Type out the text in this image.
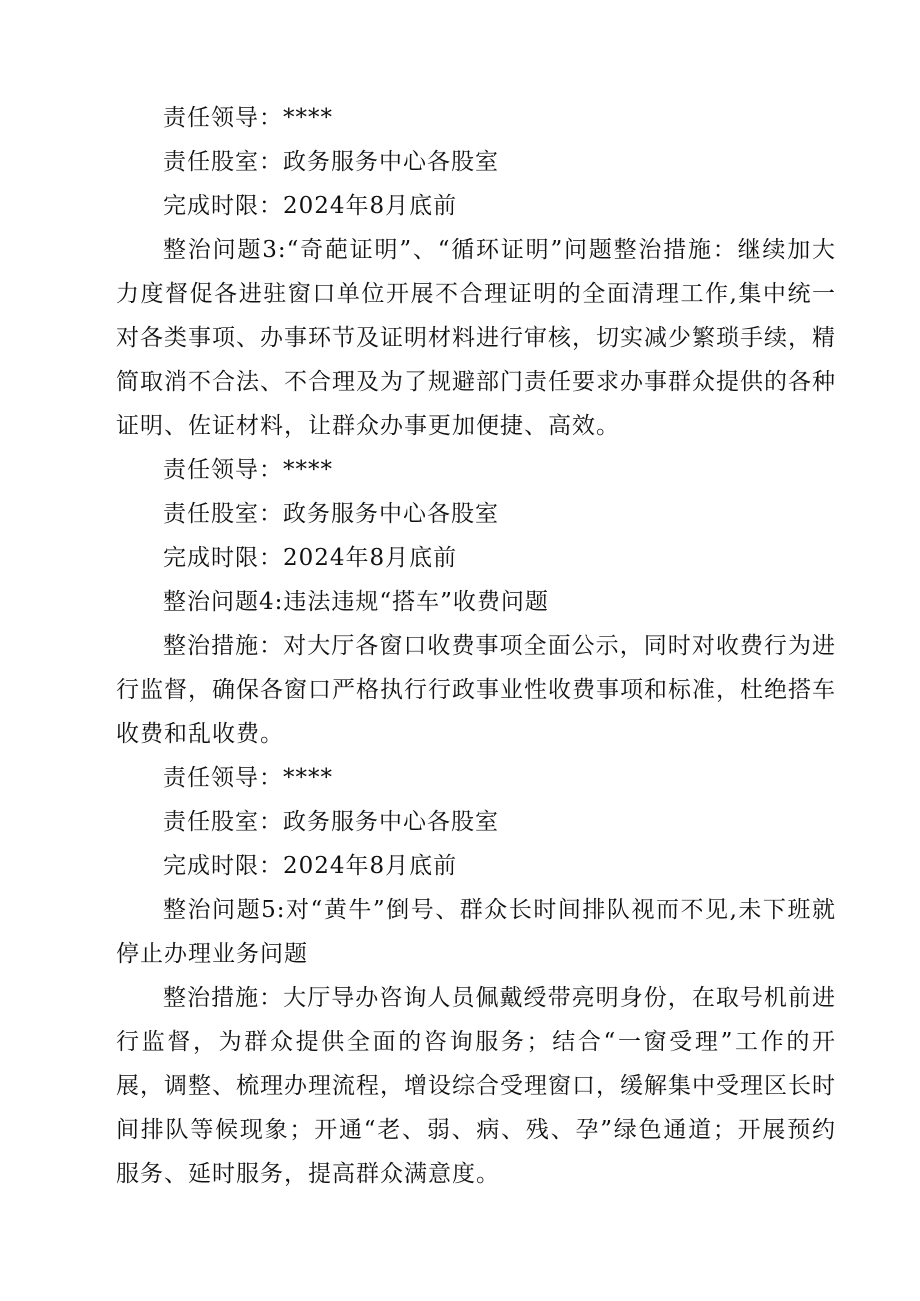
责任领导：****

责任股室：政务服务中心各股室

完成时限：2024年8月底前

整治问题3:“奇葩证明”、“循环证明”问题整治措施：继续加大力度督促各进驻窗口单位开展不合理证明的全面清理工作,集中统一对各类事项、办事环节及证明材料进行审核，切实减少繁琐手续，精简取消不合法、不合理及为了规避部门责任要求办事群众提供的各种证明、佐证材料，让群众办事更加便捷、高效。

责任领导：****

责任股室：政务服务中心各股室

完成时限：2024年8月底前

整治问题4:违法违规“搭车”收费问题

整治措施：对大厅各窗口收费事项全面公示，同时对收费行为进行监督，确保各窗口严格执行行政事业性收费事项和标准，杜绝搭车收费和乱收费。

责任领导：****

责任股室：政务服务中心各股室

完成时限：2024年8月底前

整治问题5:对“黄牛”倒号、群众长时间排队视而不见,未下班就停止办理业务问题

整治措施：大厅导办咨询人员佩戴绶带亮明身份，在取号机前进行监督，为群众提供全面的咨询服务；结合“一窗受理”工作的开展，调整、梳理办理流程，增设综合受理窗口，缓解集中受理区长时间排队等候现象；开通“老、弱、病、残、孕”绿色通道；开展预约服务、延时服务，提高群众满意度。
